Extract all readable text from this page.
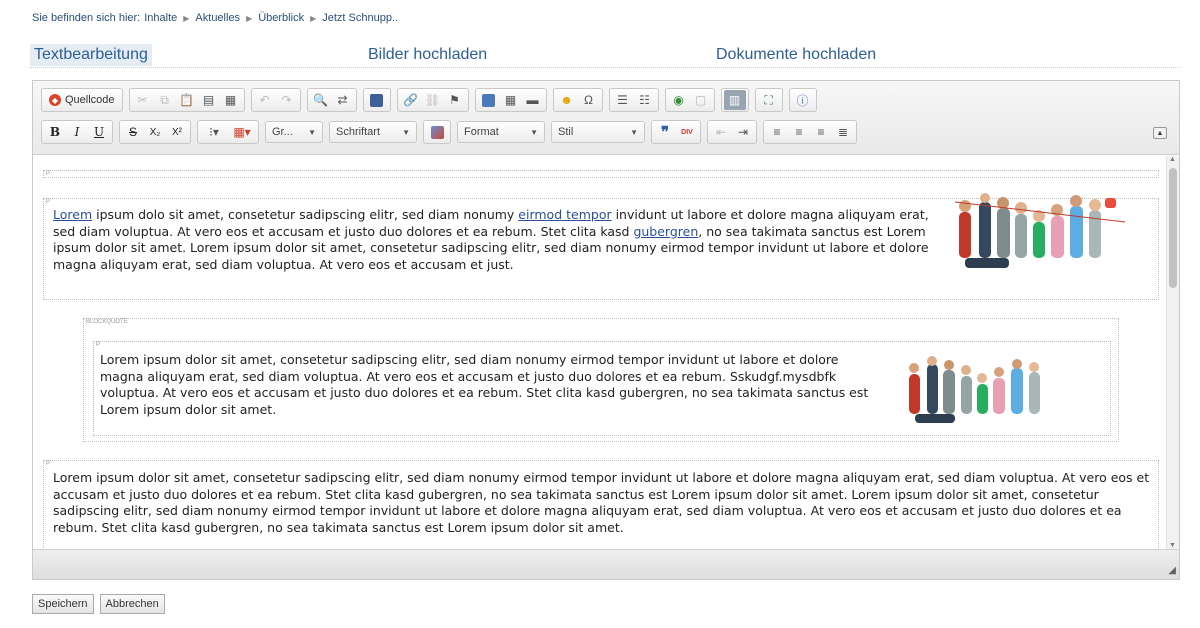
Sie befinden sich hier: Inhalte ▶ Aktuelles ▶ Überblick ▶ Jetzt Schnupp..
Textbearbeitung	Bilder hochladen	Dokumente hochladen
◆ Quellcode	✂	⧉ 📋 ▤ ▦	↶ ↷	🔍 ⇄	🔗 ⛓ ⚑	▦ ▬	☻ Ω	☰ ☷	◉ ▢	▥	⛶	ⓘ
B	I	U	S	X₂	X²	⁝▾	▦▾	Gr... ▼ Schriftart	▼	Format	▼ Stil	▼	❞	DIV	⇤ ⇥	≡	≡	≡	≣	▲
P
P
Lorem ipsum dolo sit amet, consetetur sadipscing elitr, sed diam nonumy eirmod tempor invidunt ut labore et dolore magna aliquyam erat, sed diam voluptua. At vero eos et accusam et justo duo dolores et ea rebum. Stet clita kasd gubergren, no sea takimata sanctus est Lorem ipsum dolor sit amet. Lorem ipsum dolor sit amet, consetetur sadipscing elitr, sed diam nonumy eirmod tempor invidunt ut labore et dolore magna aliquyam erat, sed diam voluptua. At vero eos et accusam et just.
BLOCKQUOTE
P
Lorem ipsum dolor sit amet, consetetur sadipscing elitr, sed diam nonumy eirmod tempor invidunt ut labore et dolore magna aliquyam erat, sed diam voluptua. At vero eos et accusam et justo duo dolores et ea rebum. Sskudgf.mysdbfk voluptua. At vero eos et accusam et justo duo dolores et ea rebum. Stet clita kasd gubergren, no sea takimata sanctus est Lorem ipsum dolor sit amet.
P
Lorem ipsum dolor sit amet, consetetur sadipscing elitr, sed diam nonumy eirmod tempor invidunt ut labore et dolore magna aliquyam erat, sed diam voluptua. At vero eos et accusam et justo duo dolores et ea rebum. Stet clita kasd gubergren, no sea takimata sanctus est Lorem ipsum dolor sit amet. Lorem ipsum dolor sit amet, consetetur sadipscing elitr, sed diam nonumy eirmod tempor invidunt ut labore et dolore magna aliquyam erat, sed diam voluptua. At vero eos et accusam et justo duo dolores et ea rebum. Stet clita kasd gubergren, no sea takimata sanctus est Lorem ipsum dolor sit amet.
▲
▼
◢
Speichern	Abbrechen
